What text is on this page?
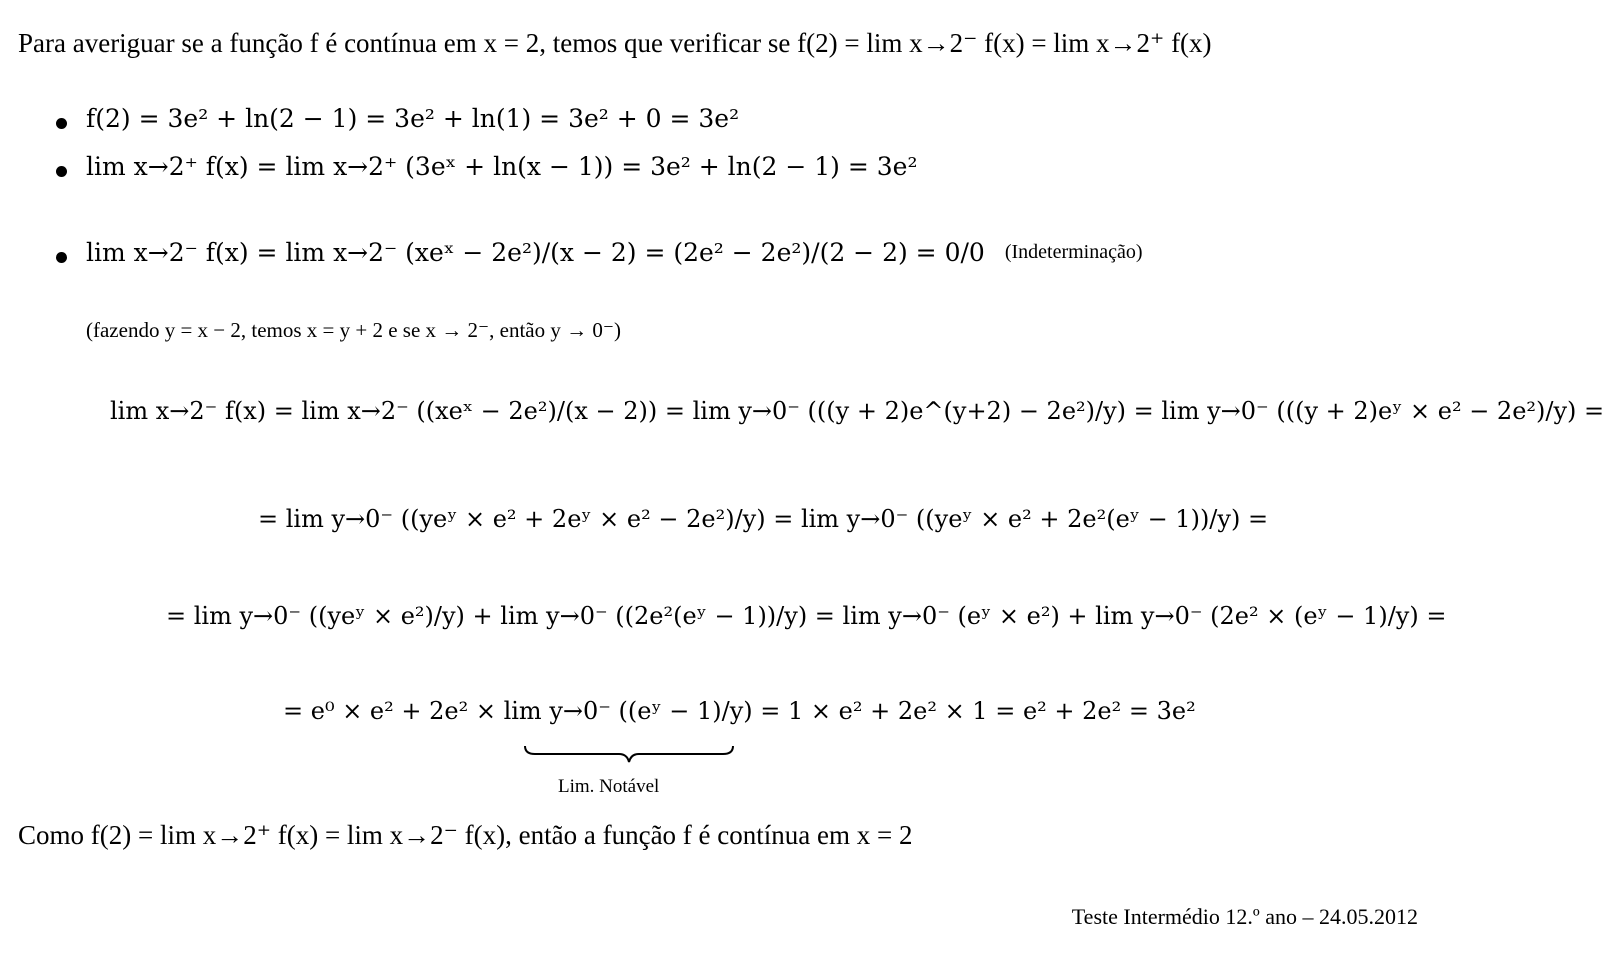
Para averiguar se a função f é contínua em x = 2, temos que verificar se f(2) = lim x→2⁻ f(x) = lim x→2⁺ f(x)
f(2) = 3e² + ln(2 − 1) = 3e² + ln(1) = 3e² + 0 = 3e²
lim x→2⁺ f(x) = lim x→2⁺ (3eˣ + ln(x − 1)) = 3e² + ln(2 − 1) = 3e²
lim x→2⁻ f(x) = lim x→2⁻ (xeˣ − 2e²)/(x − 2) = (2e² − 2e²)/(2 − 2) = 0/0 (Indeterminação)
(fazendo y = x − 2, temos x = y + 2 e se x → 2⁻, então y → 0⁻)
lim x→2⁻ f(x) = lim x→2⁻ ((xeˣ − 2e²)/(x − 2)) = lim y→0⁻ (((y + 2)e^(y+2) − 2e²)/y) = lim y→0⁻ (((y + 2)eʸ × e² − 2e²)/y) =
= lim y→0⁻ ((yeʸ × e² + 2eʸ × e² − 2e²)/y) = lim y→0⁻ ((yeʸ × e² + 2e²(eʸ − 1))/y) =
= lim y→0⁻ ((yeʸ × e²)/y) + lim y→0⁻ ((2e²(eʸ − 1))/y) = lim y→0⁻ (eʸ × e²) + lim y→0⁻ (2e² × (eʸ − 1)/y) =
= e⁰ × e² + 2e² × lim y→0⁻ ((eʸ − 1)/y) = 1 × e² + 2e² × 1 = e² + 2e² = 3e²
Lim. Notável
Como f(2) = lim x→2⁺ f(x) = lim x→2⁻ f(x), então a função f é contínua em x = 2
Teste Intermédio 12.º ano – 24.05.2012
